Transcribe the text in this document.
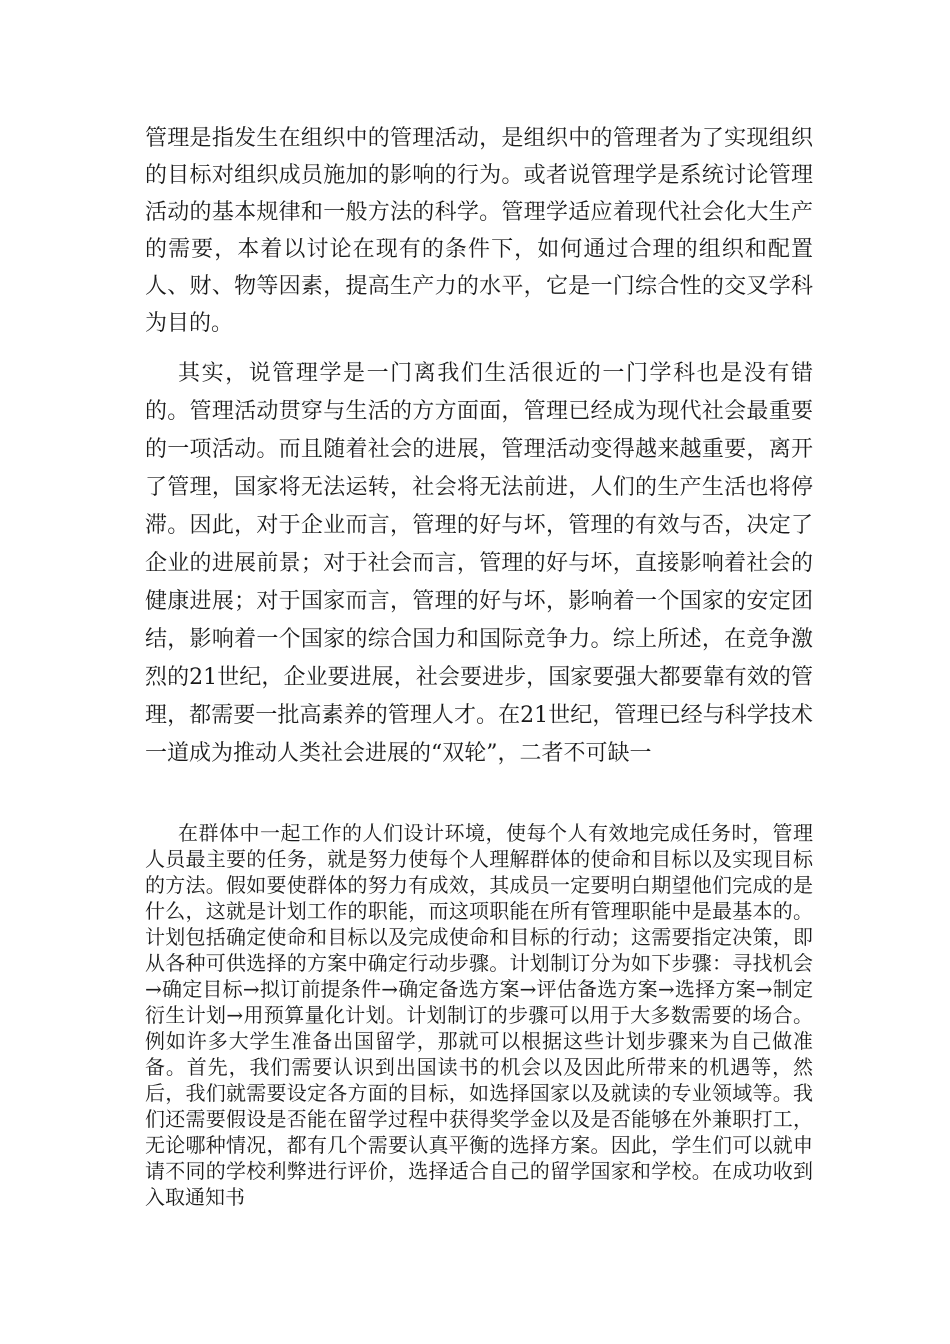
管理是指发生在组织中的管理活动，是组织中的管理者为了实现组织的目标对组织成员施加的影响的行为。或者说管理学是系统讨论管理活动的基本规律和一般方法的科学。管理学适应着现代社会化大生产的需要，本着以讨论在现有的条件下，如何通过合理的组织和配置人、财、物等因素，提高生产力的水平，它是一门综合性的交叉学科为目的。

其实，说管理学是一门离我们生活很近的一门学科也是没有错的。管理活动贯穿与生活的方方面面，管理已经成为现代社会最重要的一项活动。而且随着社会的进展，管理活动变得越来越重要，离开了管理，国家将无法运转，社会将无法前进，人们的生产生活也将停滞。因此，对于企业而言，管理的好与坏，管理的有效与否，决定了企业的进展前景；对于社会而言，管理的好与坏，直接影响着社会的健康进展；对于国家而言，管理的好与坏，影响着一个国家的安定团结，影响着一个国家的综合国力和国际竞争力。综上所述，在竞争激烈的21世纪，企业要进展，社会要进步，国家要强大都要靠有效的管理，都需要一批高素养的管理人才。在21世纪，管理已经与科学技术一道成为推动人类社会进展的“双轮”，二者不可缺一

在群体中一起工作的人们设计环境，使每个人有效地完成任务时，管理人员最主要的任务，就是努力使每个人理解群体的使命和目标以及实现目标的方法。假如要使群体的努力有成效，其成员一定要明白期望他们完成的是什么，这就是计划工作的职能，而这项职能在所有管理职能中是最基本的。计划包括确定使命和目标以及完成使命和目标的行动；这需要指定决策，即从各种可供选择的方案中确定行动步骤。计划制订分为如下步骤：寻找机会→确定目标→拟订前提条件→确定备选方案→评估备选方案→选择方案→制定衍生计划→用预算量化计划。计划制订的步骤可以用于大多数需要的场合。例如许多大学生准备出国留学，那就可以根据这些计划步骤来为自己做准备。首先，我们需要认识到出国读书的机会以及因此所带来的机遇等，然后，我们就需要设定各方面的目标，如选择国家以及就读的专业领域等。我们还需要假设是否能在留学过程中获得奖学金以及是否能够在外兼职打工，无论哪种情况，都有几个需要认真平衡的选择方案。因此，学生们可以就申请不同的学校利弊进行评价，选择适合自己的留学国家和学校。在成功收到入取通知书
